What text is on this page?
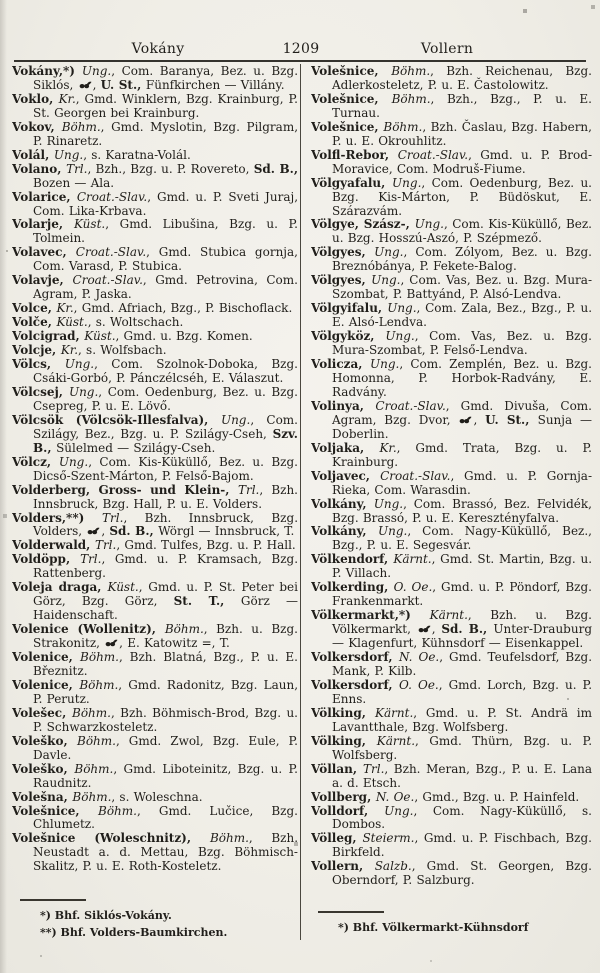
Vokány	1209	Vollern

Vokány,*) Ung., Com. Baranya, Bez. u. Bzg. Siklós, , U. St., Fünfkirchen — Villány.

Voklo, Kr., Gmd. Winklern, Bzg. Krainburg, P. St. Georgen bei Krainburg.

Vokov, Böhm., Gmd. Myslotin, Bzg. Pilgram, P. Rinaretz.

Volál, Ung., s. Karatna-Volál.

Volano, Trl., Bzh., Bzg. u. P. Rovereto, Sd. B., Bozen — Ala.

Volarice, Croat.-Slav., Gmd. u. P. Sveti Juraj, Com. Lika-Krbava.

Volarje, Küst., Gmd. Libušina, Bzg. u. P. Tolmein.

Volavec, Croat.-Slav., Gmd. Stubica gornja, Com. Varasd, P. Stubica.

Volavje, Croat.-Slav., Gmd. Petrovina, Com. Agram, P. Jaska.

Volce, Kr., Gmd. Afriach, Bzg., P. Bischoflack.

Volče, Küst., s. Woltschach.

Volcigrad, Küst., Gmd. u. Bzg. Komen.

Volcje, Kr., s. Wolfsbach.

Völcs, Ung., Com. Szolnok-Doboka, Bzg. Csáki-Gorbó, P. Pánczélcséh, E. Válaszut.

Völcsej, Ung., Com. Oedenburg, Bez. u. Bzg. Csepreg, P. u. E. Lövő.

Völcsök (Völcsök-Illesfalva), Ung., Com. Szilágy, Bez., Bzg. u. P. Szilágy-Cseh, Szv. B., Sülelmed — Szilágy-Cseh.

Völcz, Ung., Com. Kis-Küküllő, Bez. u. Bzg. Dicső-Szent-Márton, P. Felső-Bajom.

Volderberg, Gross- und Klein-, Trl., Bzh. Innsbruck, Bzg. Hall, P. u. E. Volders.

Volders,**) Trl., Bzh. Innsbruck, Bzg. Volders, , Sd. B., Wörgl — Innsbruck, T.

Volderwald, Trl., Gmd. Tulfes, Bzg. u. P. Hall.

Voldöpp, Trl., Gmd. u. P. Kramsach, Bzg. Rattenberg.

Voleja draga, Küst., Gmd. u. P. St. Peter bei Görz, Bzg. Görz, St. T., Görz — Haidenschaft.

Volenice (Wollenitz), Böhm., Bzh. u. Bzg. Strakonitz, , E. Katowitz =, T.

Volenice, Böhm., Bzh. Blatná, Bzg., P. u. E. Březnitz.

Volenice, Böhm., Gmd. Radonitz, Bzg. Laun, P. Perutz.

Volešec, Böhm., Bzh. Böhmisch-Brod, Bzg. u. P. Schwarzkosteletz.

Voleško, Böhm., Gmd. Zwol, Bzg. Eule, P. Davle.

Voleško, Böhm., Gmd. Liboteinitz, Bzg. u. P. Raudnitz.

Volešna, Böhm., s. Woleschna.

Volešnice, Böhm., Gmd. Lučice, Bzg. Chlumetz.

Volešnice (Woleschnitz), Böhm., Bzh. Neustadt a. d. Mettau, Bzg. Böhmisch-Skalitz, P. u. E. Roth-Kosteletz.

Volešnice, Böhm., Bzh. Reichenau, Bzg. Adlerkosteletz, P. u. E. Častolowitz.

Volešnice, Böhm., Bzh., Bzg., P. u. E. Turnau.

Volešnice, Böhm., Bzh. Časlau, Bzg. Habern, P. u. E. Okrouhlitz.

Volfl-Rebor, Croat.-Slav., Gmd. u. P. Brod-Moravice, Com. Modruš-Fiume.

Völgyafalu, Ung., Com. Oedenburg, Bez. u. Bzg. Kis-Márton, P. Büdöskut, E. Szárazvám.

Völgye, Szász-, Ung., Com. Kis-Küküllő, Bez. u. Bzg. Hosszú-Aszó, P. Szépmező.

Völgyes, Ung., Com. Zólyom, Bez. u. Bzg. Breznóbánya, P. Fekete-Balog.

Völgyes, Ung., Com. Vas, Bez. u. Bzg. Mura-Szombat, P. Battyánd, P. Alsó-Lendva.

Völgyifalu, Ung., Com. Zala, Bez., Bzg., P. u. E. Alsó-Lendva.

Völgyköz, Ung., Com. Vas, Bez. u. Bzg. Mura-Szombat, P. Felső-Lendva.

Volicza, Ung., Com. Zemplén, Bez. u. Bzg. Homonna, P. Horbok-Radvány, E. Radvány.

Volinya, Croat.-Slav., Gmd. Divuša, Com. Agram, Bzg. Dvor, , U. St., Sunja — Doberlin.

Voljaka, Kr., Gmd. Trata, Bzg. u. P. Krainburg.

Voljavec, Croat.-Slav., Gmd. u. P. Gornja-Rieka, Com. Warasdin.

Volkány, Ung., Com. Brassó, Bez. Felvidék, Bzg. Brassó, P. u. E. Keresztényfalva.

Volkány, Ung., Com. Nagy-Küküllő, Bez., Bzg., P. u. E. Segesvár.

Völkendorf, Kärnt., Gmd. St. Martin, Bzg. u. P. Villach.

Volkerding, O. Oe., Gmd. u. P. Pöndorf, Bzg. Frankenmarkt.

Völkermarkt,*) Kärnt., Bzh. u. Bzg. Völkermarkt, , Sd. B., Unter-Drauburg — Klagenfurt, Kühnsdorf — Eisenkappel.

Volkersdorf, N. Oe., Gmd. Teufelsdorf, Bzg. Mank, P. Kilb.

Volkersdorf, O. Oe., Gmd. Lorch, Bzg. u. P. Enns.

Völking, Kärnt., Gmd. u. P. St. Andrä im Lavantthale, Bzg. Wolfsberg.

Völking, Kärnt., Gmd. Thürn, Bzg. u. P. Wolfsberg.

Völlan, Trl., Bzh. Meran, Bzg., P. u. E. Lana a. d. Etsch.

Vollberg, N. Oe., Gmd., Bzg. u. P. Hainfeld.

Volldorf, Ung., Com. Nagy-Küküllő, s. Dombos.

Völleg, Steierm., Gmd. u. P. Fischbach, Bzg. Birkfeld.

Vollern, Salzb., Gmd. St. Georgen, Bzg. Oberndorf, P. Salzburg.

*) Bhf. Siklós-Vokány.
**) Bhf. Volders-Baumkirchen.	*) Bhf. Völkermarkt-Kühnsdorf
